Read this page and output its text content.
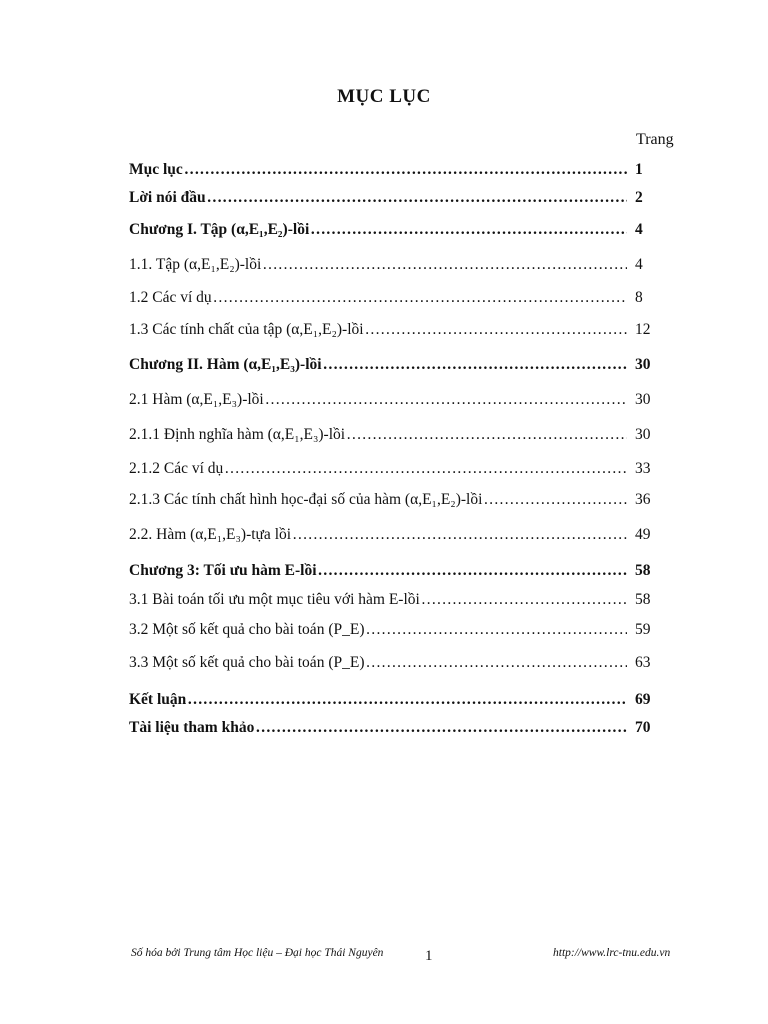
MỤC LỤC
Trang
Mục lục …………………………………………………………………………………………………………………………………………………………	1
Lời nói đầu …………………………………………………………………………………………………………………………………………………………	2
Chương I. Tập (α,E₁,E₂)-lồi …………………………………………………………………………………………………………………………………………………………	4
1.1. Tập (α,E₁,E₂)-lồi …………………………………………………………………………………………………………………………………………………………	4
1.2 Các ví dụ …………………………………………………………………………………………………………………………………………………………	8
1.3 Các tính chất của tập (α,E₁,E₂)-lồi …………………………………………………………………………………………………………………………………………………………	12
Chương II. Hàm (α,E₁,E₃)-lồi …………………………………………………………………………………………………………………………………………………………	30
2.1 Hàm (α,E₁,E₃)-lồi …………………………………………………………………………………………………………………………………………………………	30
2.1.1 Định nghĩa hàm (α,E₁,E₃)-lồi …………………………………………………………………………………………………………………………………………………………	30
2.1.2 Các ví dụ …………………………………………………………………………………………………………………………………………………………	33
2.1.3 Các tính chất hình học-đại số của hàm (α,E₁,E₂)-lồi …………………………………………………………………………………………………………………………………………………………	36
2.2. Hàm (α,E₁,E₃)-tựa lồi …………………………………………………………………………………………………………………………………………………………	49
Chương 3: Tối ưu hàm E-lồi …………………………………………………………………………………………………………………………………………………………	58
3.1 Bài toán tối ưu một mục tiêu với hàm E-lồi …………………………………………………………………………………………………………………………………………………………	58
3.2 Một số kết quả cho bài toán (P_E) …………………………………………………………………………………………………………………………………………………………	59
3.3 Một số kết quả cho bài toán (P_E) …………………………………………………………………………………………………………………………………………………………	63
Kết luận …………………………………………………………………………………………………………………………………………………………	69
Tài liệu tham khảo …………………………………………………………………………………………………………………………………………………………	70
Số hóa bởi Trung tâm Học liệu – Đại học Thái Nguyên	1	http://www.lrc-tnu.edu.vn
